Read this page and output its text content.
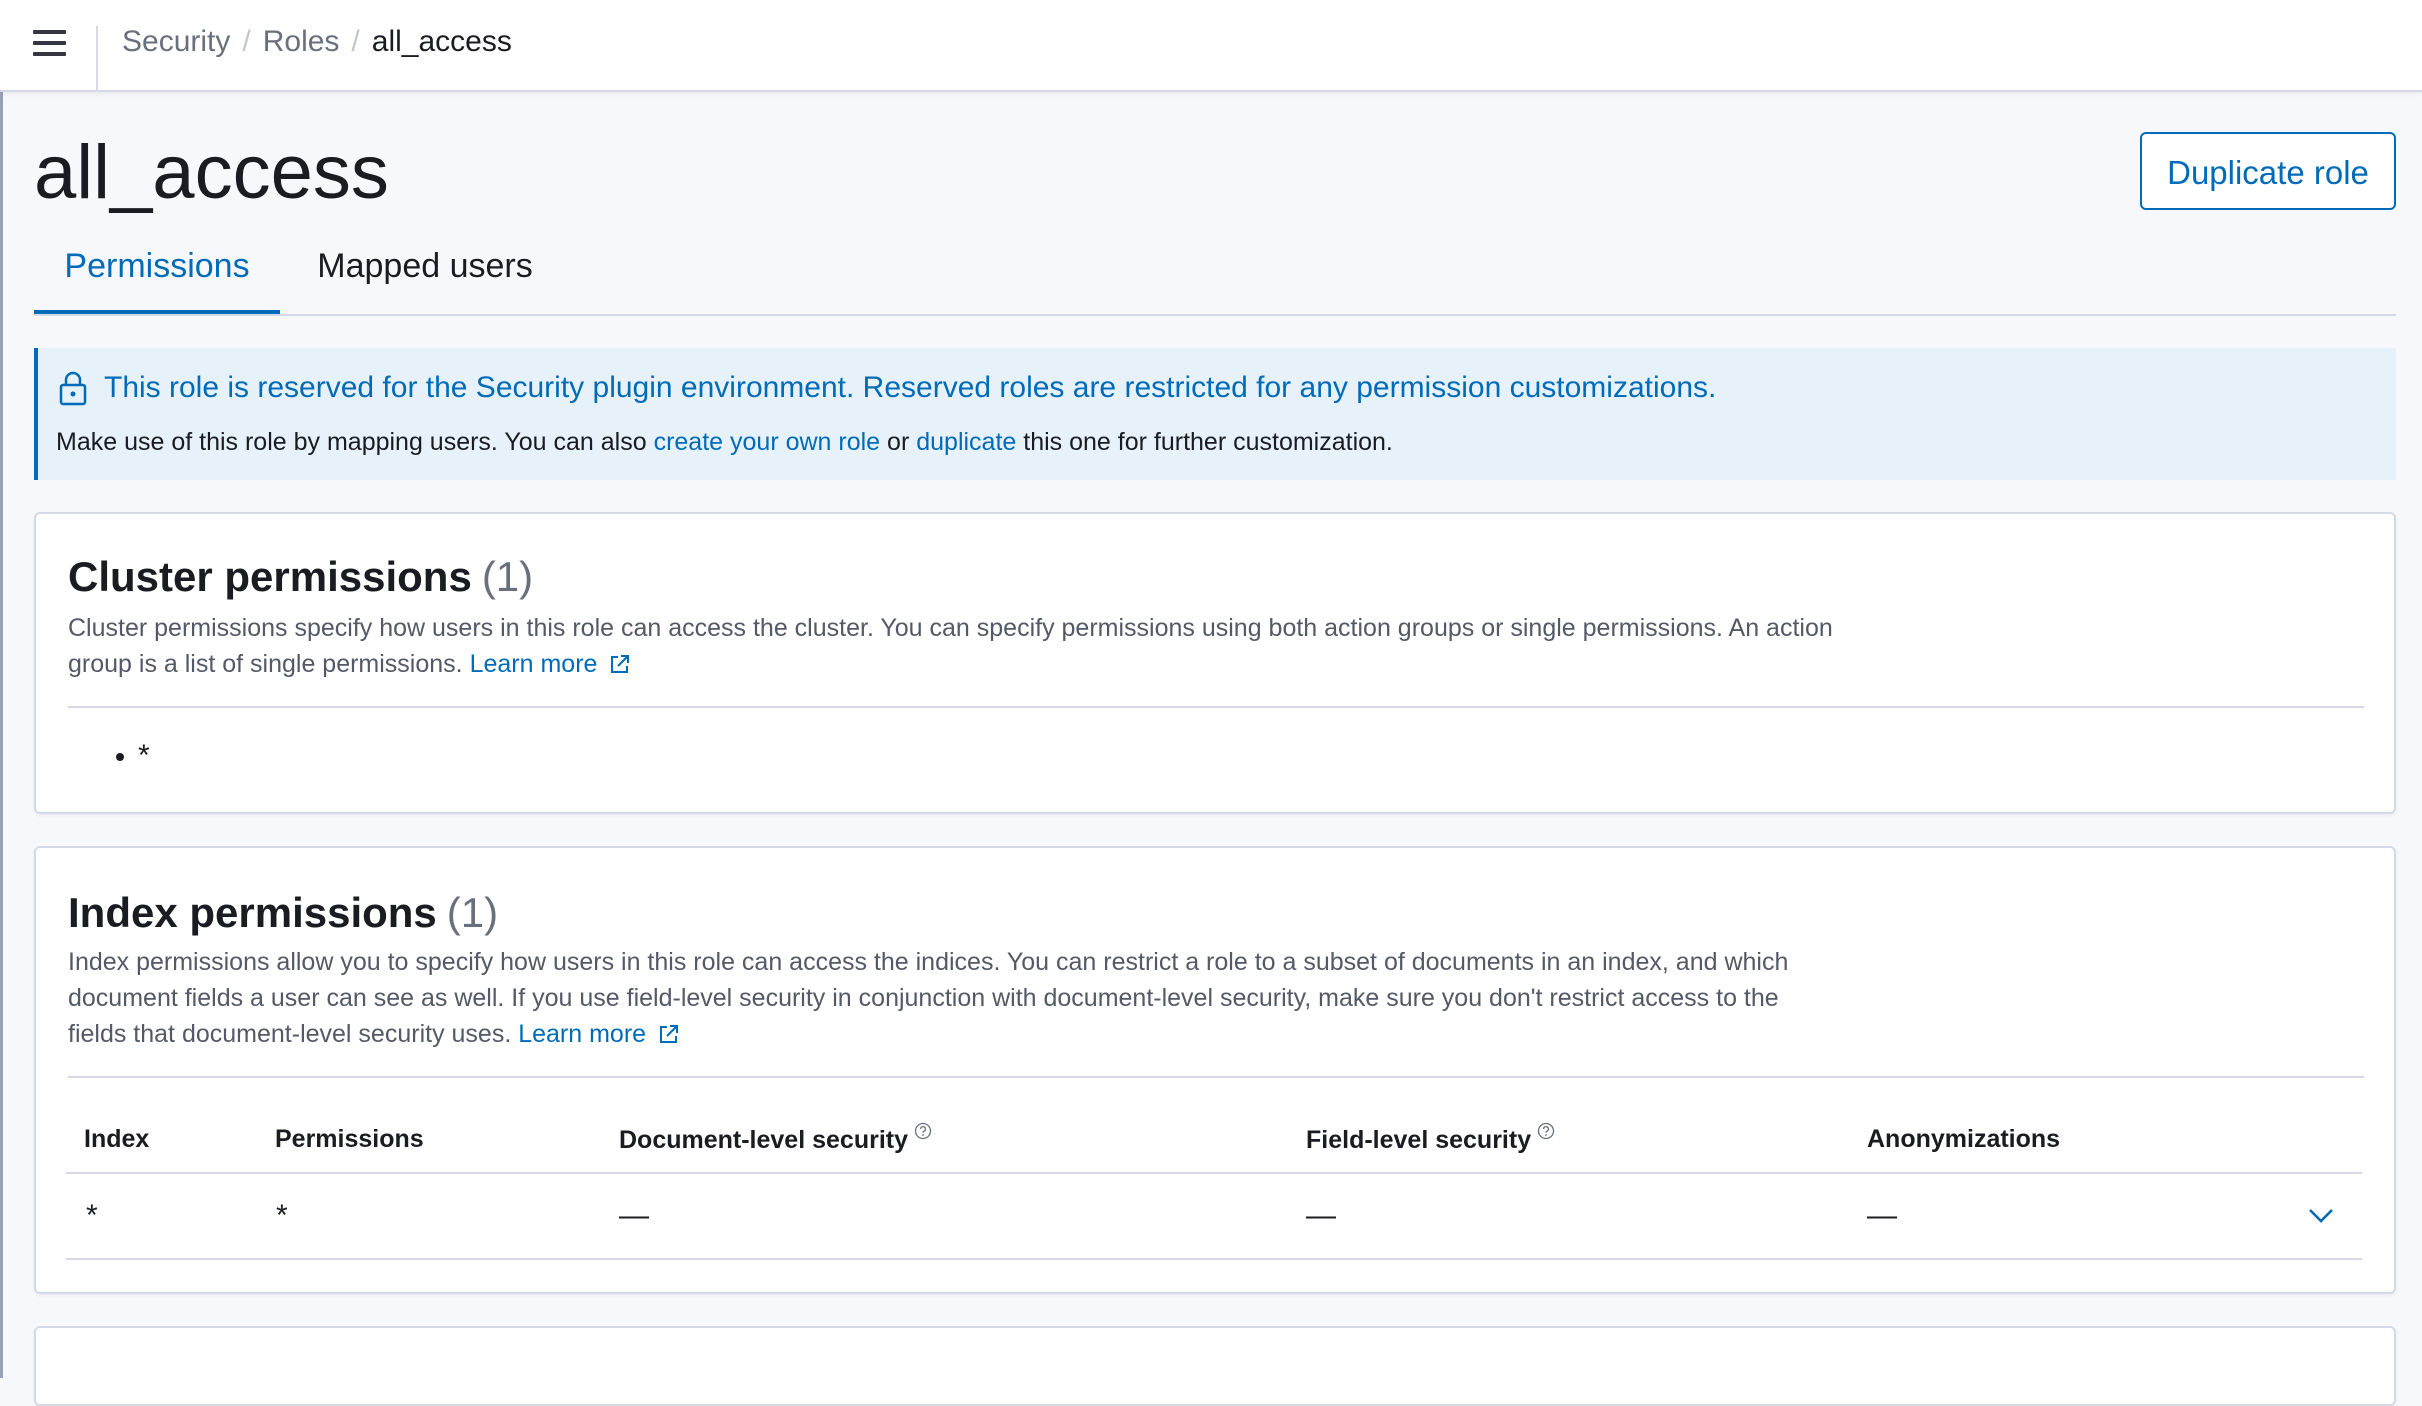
Security / Roles / all_access
all_access	Duplicate role
Permissions	Mapped users
This role is reserved for the Security plugin environment. Reserved roles are restricted for any permission customizations.
Make use of this role by mapping users. You can also create your own role or duplicate this one for further customization.
Cluster permissions (1)
Cluster permissions specify how users in this role can access the cluster. You can specify permissions using both action groups or single permissions. An action group is a list of single permissions. Learn more
*
Index permissions (1)
Index permissions allow you to specify how users in this role can access the indices. You can restrict a role to a subset of documents in an index, and which document fields a user can see as well. If you use field-level security in conjunction with document-level security, make sure you don't restrict access to the fields that document-level security uses. Learn more
Index	Permissions	Document-level security	Field-level security	Anonymizations
*	*	—	—	—
